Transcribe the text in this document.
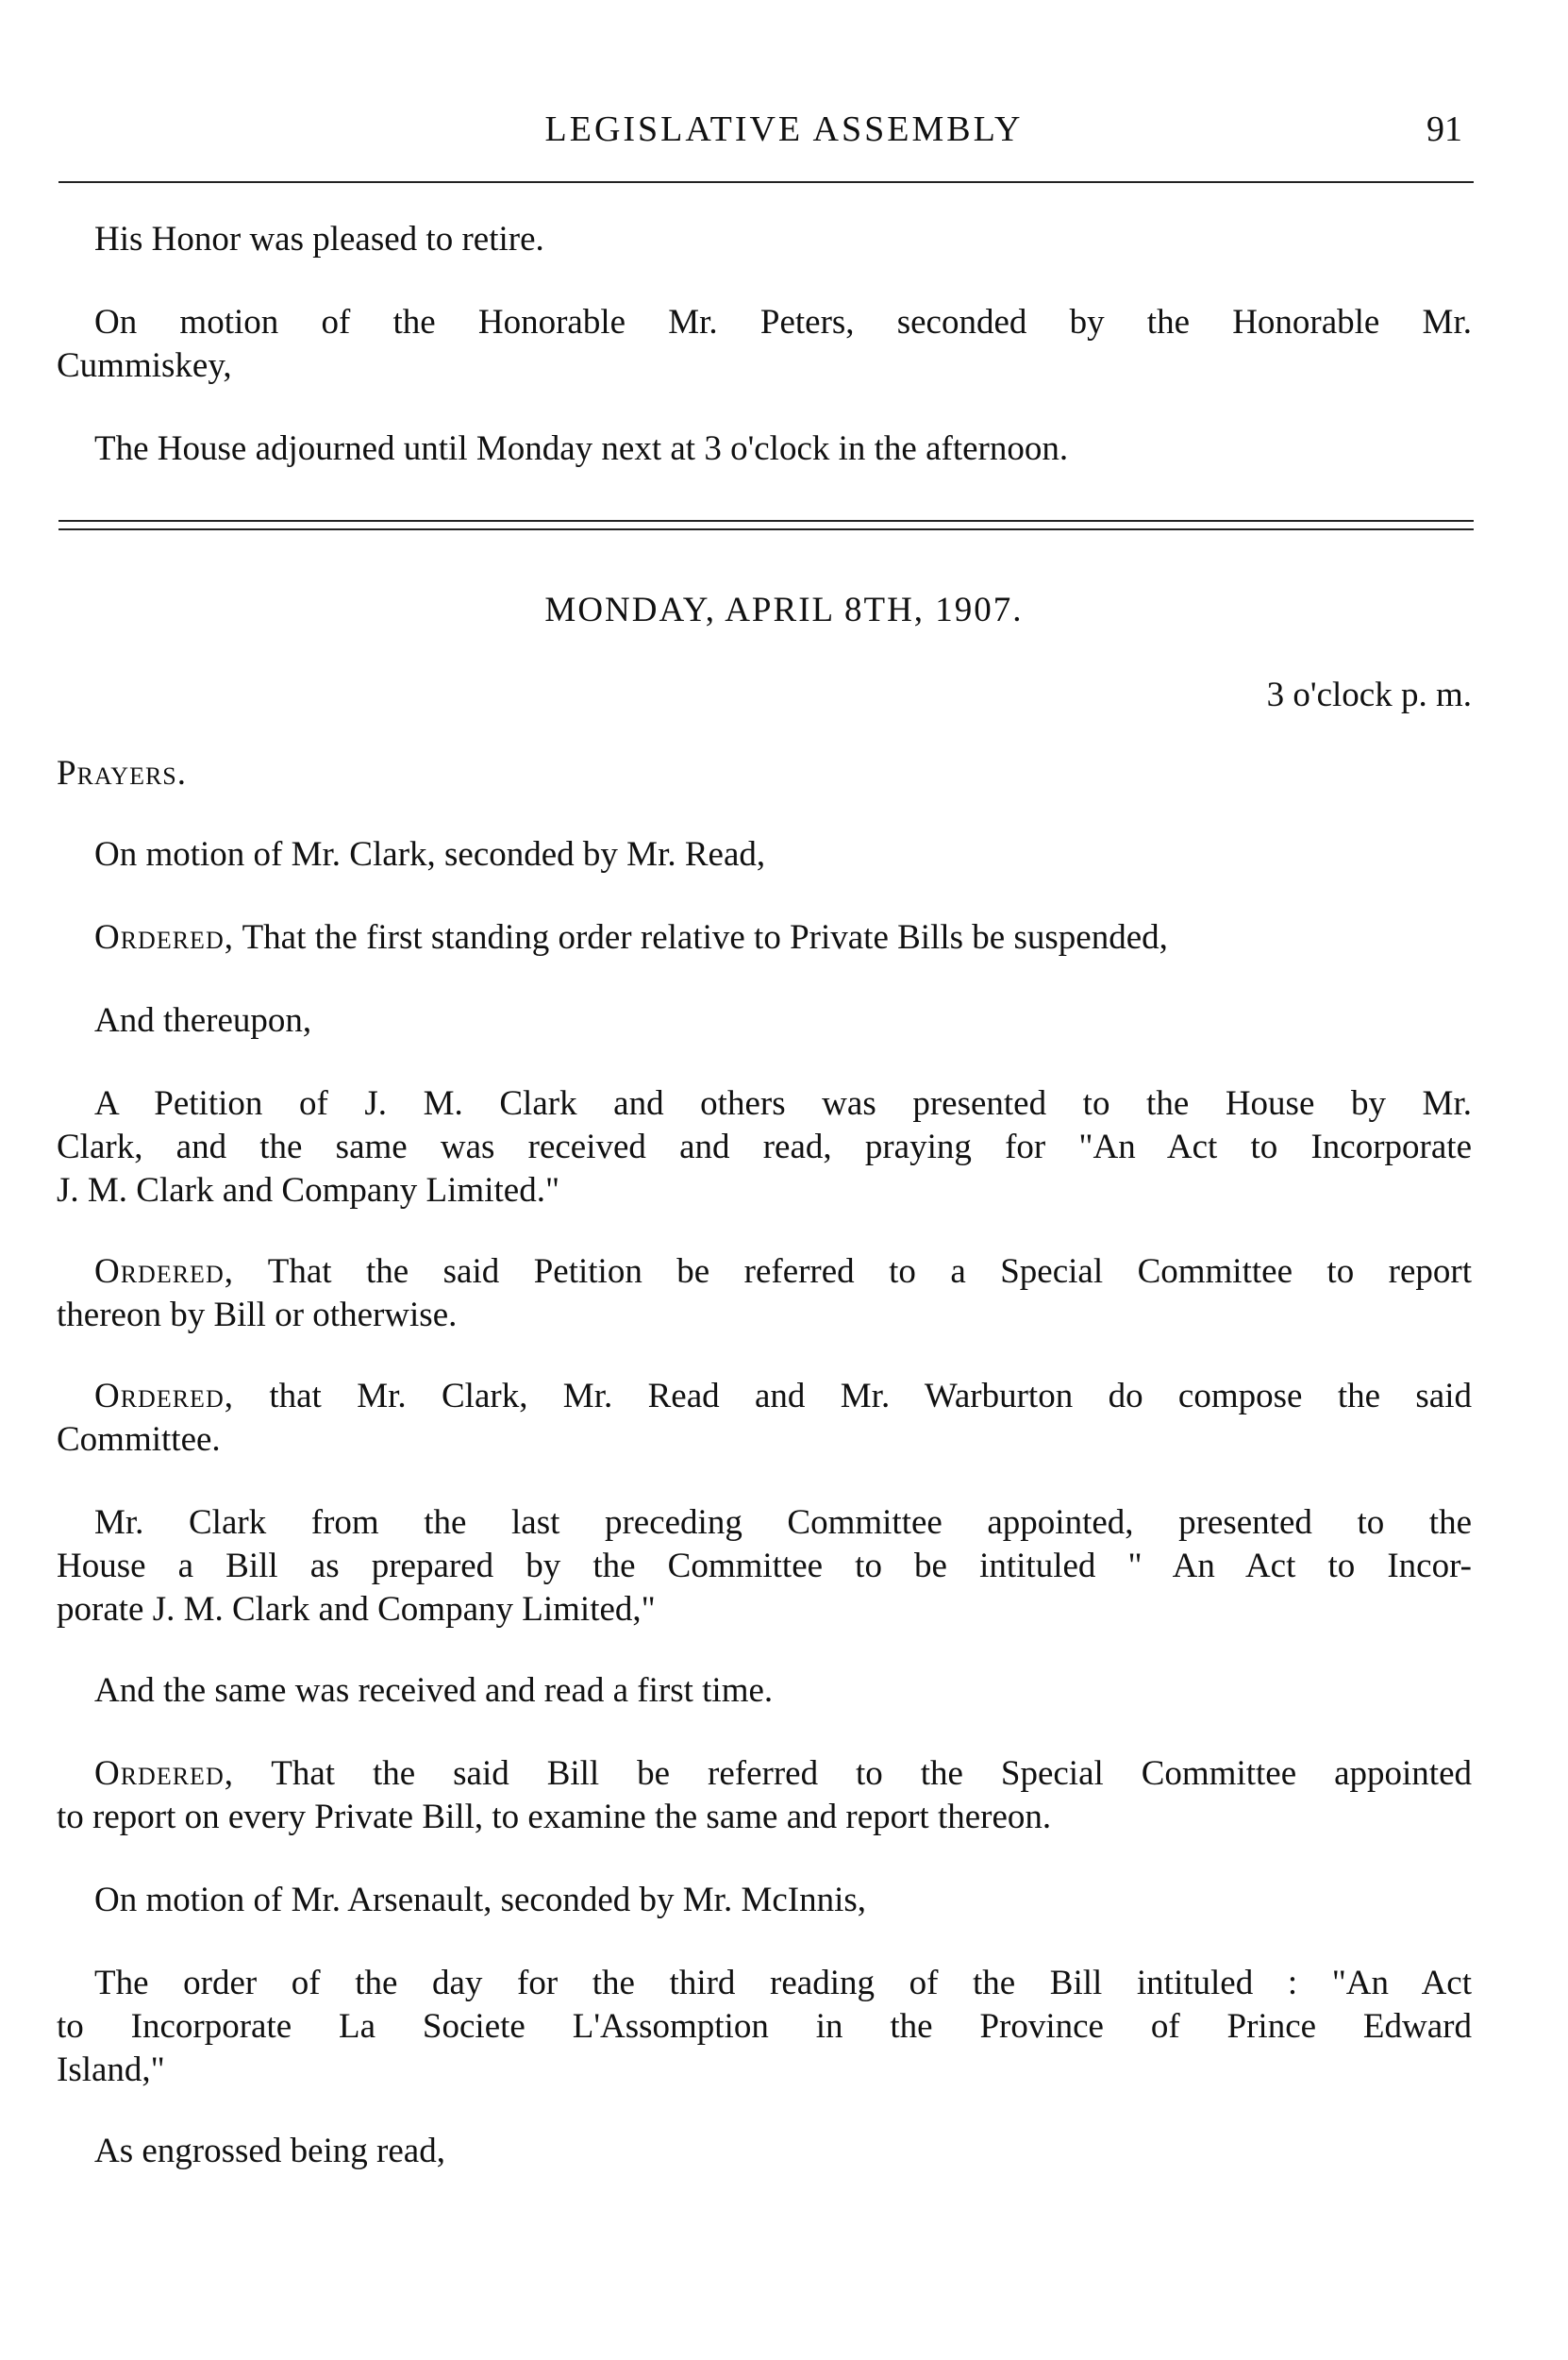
LEGISLATIVE ASSEMBLY	91
His Honor was pleased to retire.
On motion of the Honorable Mr. Peters, seconded by the Honorable Mr.
Cummiskey,
The House adjourned until Monday next at 3 o'clock in the afternoon.
MONDAY, APRIL 8TH, 1907.
3 o'clock p. m.
Prayers.
On motion of Mr. Clark, seconded by Mr. Read,
Ordered, That the first standing order relative to Private Bills be suspended,
And thereupon,
A Petition of J. M. Clark and others was presented to the House by Mr.
Clark, and the same was received and read, praying for "An Act to Incorporate
J. M. Clark and Company Limited."
Ordered, That the said Petition be referred to a Special Committee to report
thereon by Bill or otherwise.
Ordered, that Mr. Clark, Mr. Read and Mr. Warburton do compose the said
Committee.
Mr. Clark from the last preceding Committee appointed, presented to the
House a Bill as prepared by the Committee to be intituled " An Act to Incor-
porate J. M. Clark and Company Limited,"
And the same was received and read a first time.
Ordered, That the said Bill be referred to the Special Committee appointed
to report on every Private Bill, to examine the same and report thereon.
On motion of Mr. Arsenault, seconded by Mr. McInnis,
The order of the day for the third reading of the Bill intituled : "An Act
to Incorporate La Societe L'Assomption in the Province of Prince Edward
Island,"
As engrossed being read,
